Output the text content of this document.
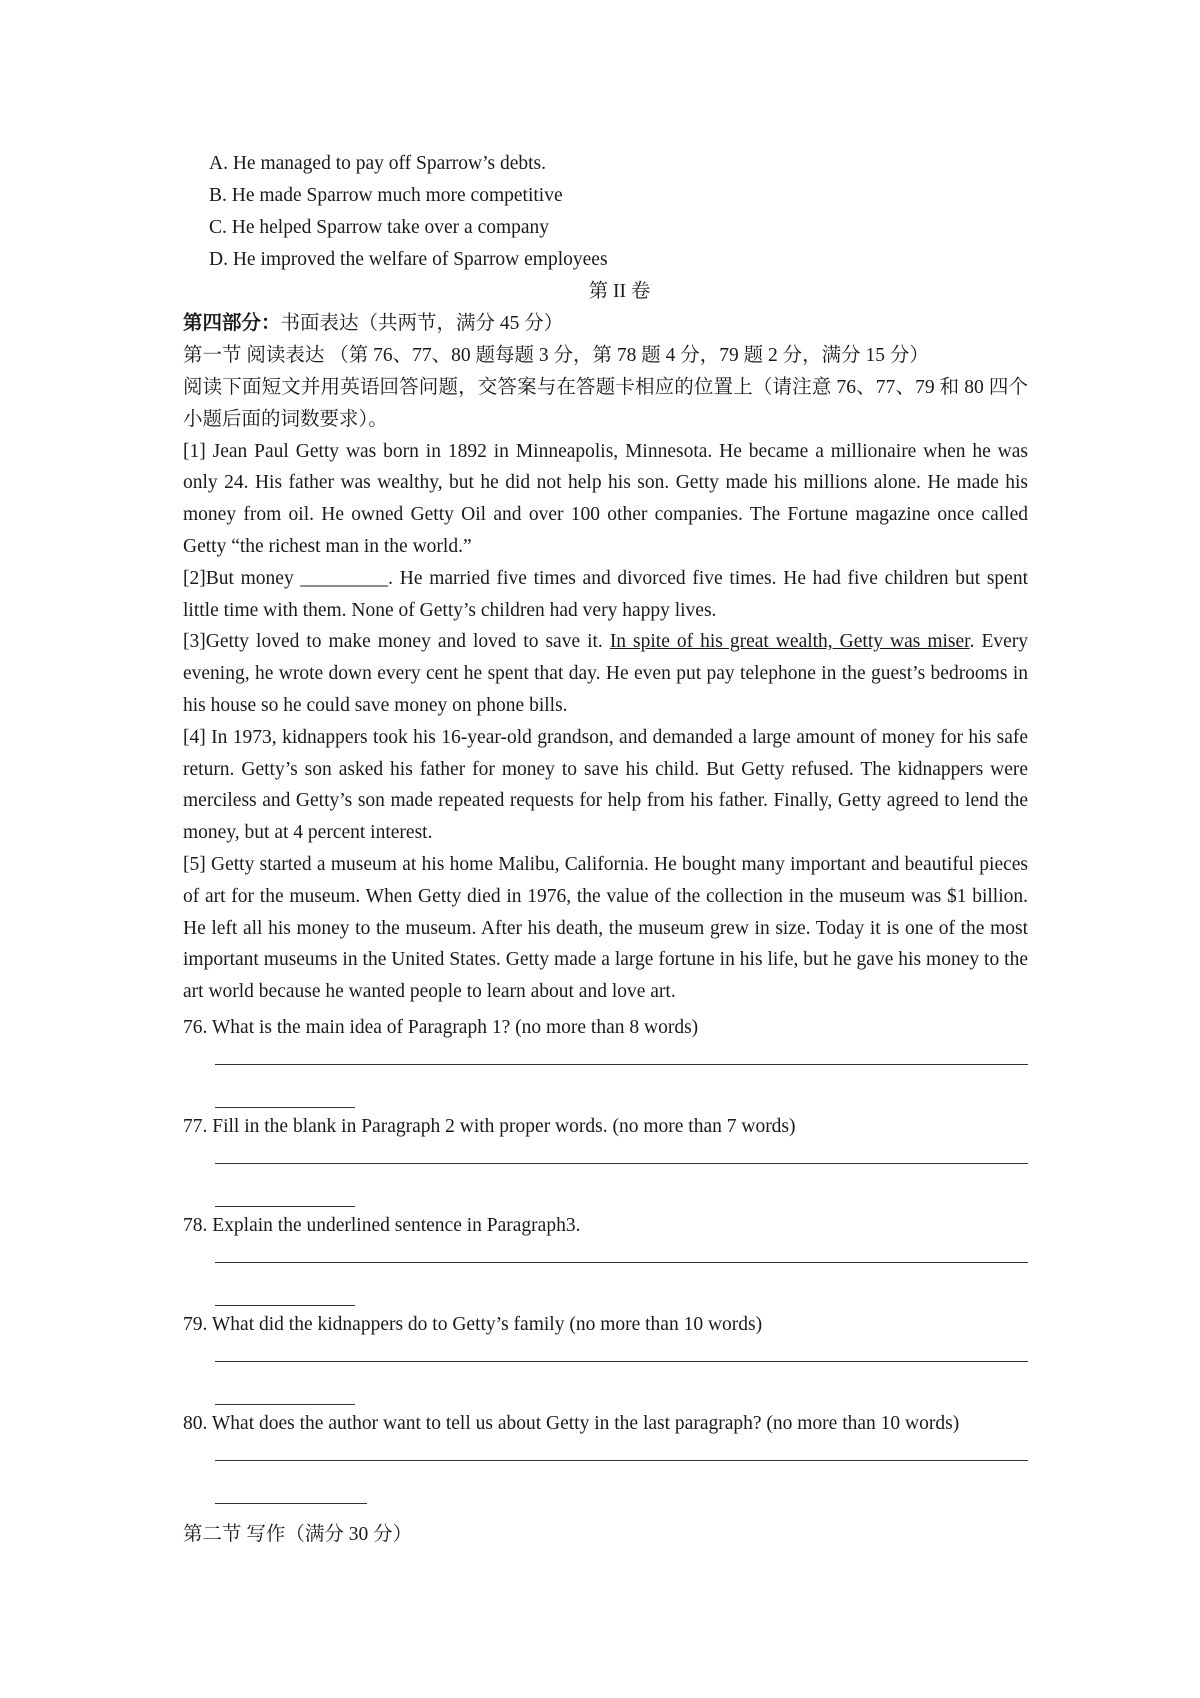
A. He managed to pay off Sparrow’s debts.
B. He made Sparrow much more competitive
C. He helped Sparrow take over a company
D. He improved the welfare of Sparrow employees
第 II 卷
第四部分：书面表达（共两节，满分 45 分）
第一节 阅读表达 （第 76、77、80 题每题 3 分，第 78 题 4 分，79 题 2 分，满分 15 分）
阅读下面短文并用英语回答问题，交答案与在答题卡相应的位置上（请注意 76、77、79 和 80 四个小题后面的词数要求）。
[1] Jean Paul Getty was born in 1892 in Minneapolis, Minnesota. He became a millionaire when he was only 24. His father was wealthy, but he did not help his son. Getty made his millions alone. He made his money from oil. He owned Getty Oil and over 100 other companies. The Fortune magazine once called Getty “the richest man in the world.”
[2]But money _________. He married five times and divorced five times. He had five children but spent little time with them. None of Getty’s children had very happy lives.
[3]Getty loved to make money and loved to save it. In spite of his great wealth, Getty was miser. Every evening, he wrote down every cent he spent that day. He even put pay telephone in the guest’s bedrooms in his house so he could save money on phone bills.
[4] In 1973, kidnappers took his 16-year-old grandson, and demanded a large amount of money for his safe return. Getty’s son asked his father for money to save his child. But Getty refused. The kidnappers were merciless and Getty’s son made repeated requests for help from his father. Finally, Getty agreed to lend the money, but at 4 percent interest.
[5] Getty started a museum at his home Malibu, California. He bought many important and beautiful pieces of art for the museum. When Getty died in 1976, the value of the collection in the museum was $1 billion. He left all his money to the museum. After his death, the museum grew in size. Today it is one of the most important museums in the United States. Getty made a large fortune in his life, but he gave his money to the art world because he wanted people to learn about and love art.
76. What is the main idea of Paragraph 1? (no more than 8 words)
77. Fill in the blank in Paragraph 2 with proper words. (no more than 7 words)
78. Explain the underlined sentence in Paragraph3.
79. What did the kidnappers do to Getty’s family (no more than 10 words)
80. What does the author want to tell us about Getty in the last paragraph? (no more than 10 words)
第二节 写作（满分 30 分）
